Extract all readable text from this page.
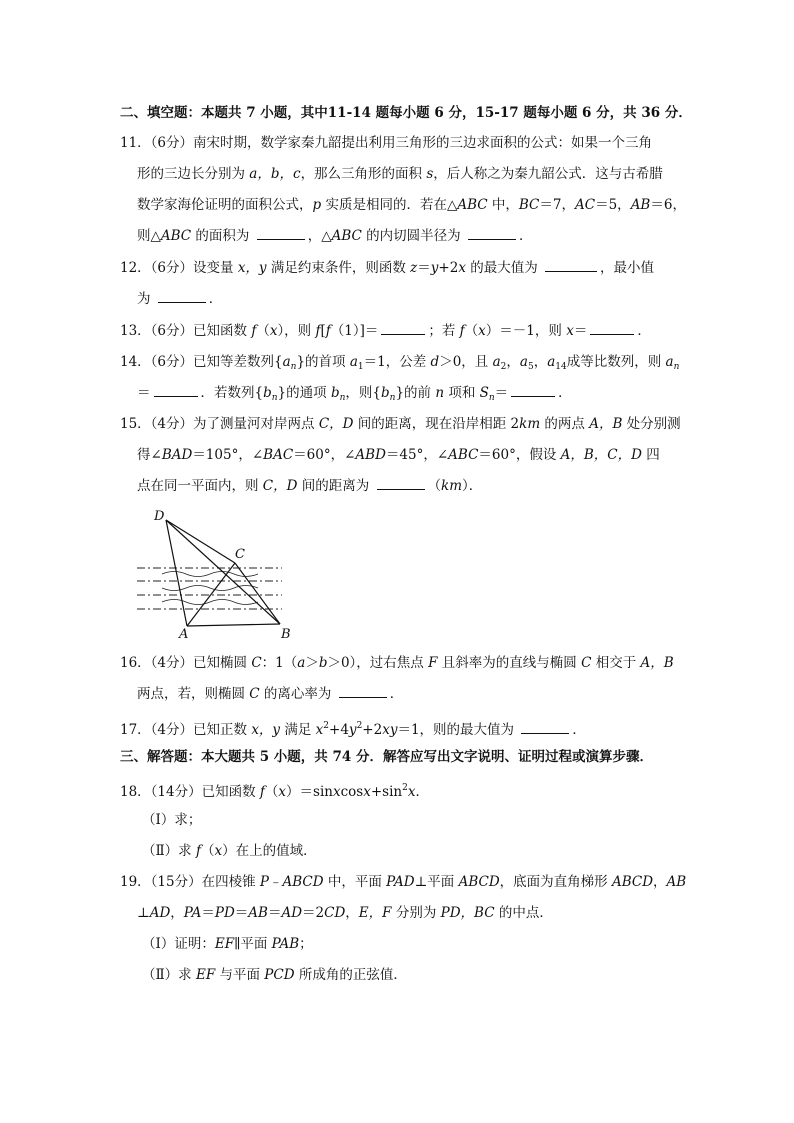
二、填空题：本题共 7 小题，其中11-14 题每小题 6 分，15-17 题每小题 6 分，共 36 分．
11．（6分）南宋时期，数学家秦九韶提出利用三角形的三边求面积的公式：如果一个三角
形的三边长分别为 a，b，c，那么三角形的面积 s，后人称之为秦九韶公式．这与古希腊
数学家海伦证明的面积公式，p 实质是相同的．若在△ABC 中，BC＝7，AC＝5，AB＝6，
则△ABC 的面积为	，△ABC 的内切圆半径为	．
12．（6分）设变量 x，y 满足约束条件，则函数 z＝y+2x 的最大值为	，最小值
为	．
13．（6分）已知函数 f（x），则 f[f（1）]＝	；若 f（x）＝－1，则 x＝	．
14．（6分）已知等差数列$\{a_n\}$的首项 $a_1=1$，公差 d＞0，且 $a_2$，$a_5$，$a_{14}$成等比数列，则 $a_n$
＝	．若数列$\{b_n\}$的通项 $b_n$，则$\{b_n\}$的前 n 项和 $S_n=$	．
15．（4分）为了测量河对岸两点 C，D 间的距离，现在沿岸相距 2km 的两点 A，B 处分别测
得∠BAD＝105°，∠BAC＝60°，∠ABD＝45°，∠ABC＝60°，假设 A，B，C，D 四
点在同一平面内，则 C，D 间的距离为	（km）．
D
C
A	B
16．（4分）已知椭圆 C：1（a＞b＞0），过右焦点 F 且斜率为的直线与椭圆 C 相交于 A，B
两点，若，则椭圆 C 的离心率为	．
17．（4分）已知正数 x，y 满足 $x^2+4y^2+2xy=1$，则的最大值为	．
三、解答题：本大题共 5 小题，共 74 分．解答应写出文字说明、证明过程或演算步骤．
18．（14分）已知函数 $f(x)=sinxcosx+\sin^2x$．
（Ⅰ）求；
（Ⅱ）求 f（x）在上的值域．
19．（15分）在四棱锥 P﹣ABCD 中，平面 PAD⊥平面 ABCD，底面为直角梯形 ABCD，AB
⊥AD，PA＝PD＝AB＝AD＝2CD，E，F 分别为 PD，BC 的中点．
（Ⅰ）证明：EF∥平面 PAB；
（Ⅱ）求 EF 与平面 PCD 所成角的正弦值．
